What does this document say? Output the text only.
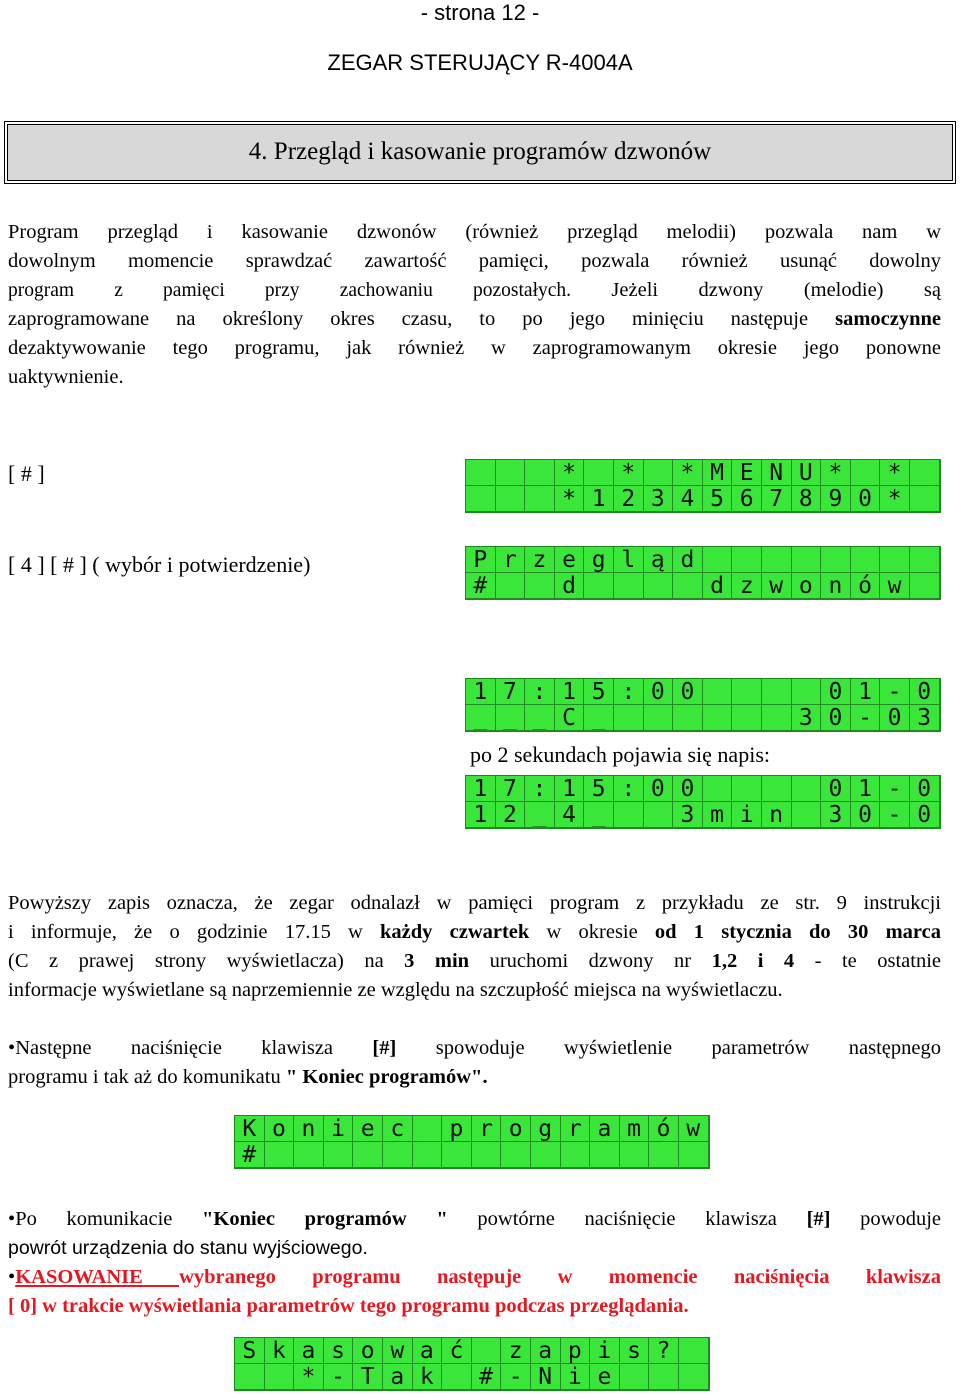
- strona 12 -
ZEGAR STERUJĄCY R-4004A
4. Przegląd i kasowanie programów dzwonów
Program przegląd i kasowanie dzwonów (również przegląd melodii) pozwala nam w
dowolnym momencie sprawdzać zawartość pamięci, pozwala również usunąć dowolny
program z pamięci przy zachowaniu pozostałych. Jeżeli dzwony (melodie) są
zaprogramowane na określony okres czasu, to po jego minięciu następuje samoczynne
dezaktywowanie tego programu, jak również w zaprogramowanym okresie jego ponowne
uaktywnienie.
[ # ]
[ 4 ] [ # ] ( wybór i potwierdzenie)
*	*	* M E N U *	*
* 1 2 3 4 5 6 7 8 9 0 *
P r z e g l ą d
#	d	d z w o n ó w
1 7 : 1 5 : 0 0	0 1 - 0
_ _ _ C _	3 0 - 0 3
po 2 sekundach pojawia się napis:
1 7 : 1 5 : 0 0	0 1 - 0
1 2 _ 4 _	3 m i n	3 0 - 0
Powyższy zapis oznacza, że zegar odnalazł w pamięci program z przykładu ze str. 9 instrukcji
i informuje, że o godzinie 17.15 w każdy czwartek w okresie od 1 stycznia do 30 marca
(C z prawej strony wyświetlacza) na 3 min uruchomi dzwony nr 1,2 i 4 - te ostatnie
informacje wyświetlane są naprzemiennie ze względu na szczupłość miejsca na wyświetlaczu.
•Następne naciśnięcie klawisza [#] spowoduje wyświetlenie parametrów następnego
programu i tak aż do komunikatu " Koniec programów".
K o n i e c	p r o g r a m ó w
#
•Po komunikacie "Koniec programów " powtórne naciśnięcie klawisza [#] powoduje
powrót urządzenia do stanu wyjściowego.
•KASOWANIE wybranego programu następuje w momencie naciśnięcia klawisza
[ 0] w trakcie wyświetlania parametrów tego programu podczas przeglądania.
S k a s o w a ć	z a p i s ?
* - T a k	# - N i e
